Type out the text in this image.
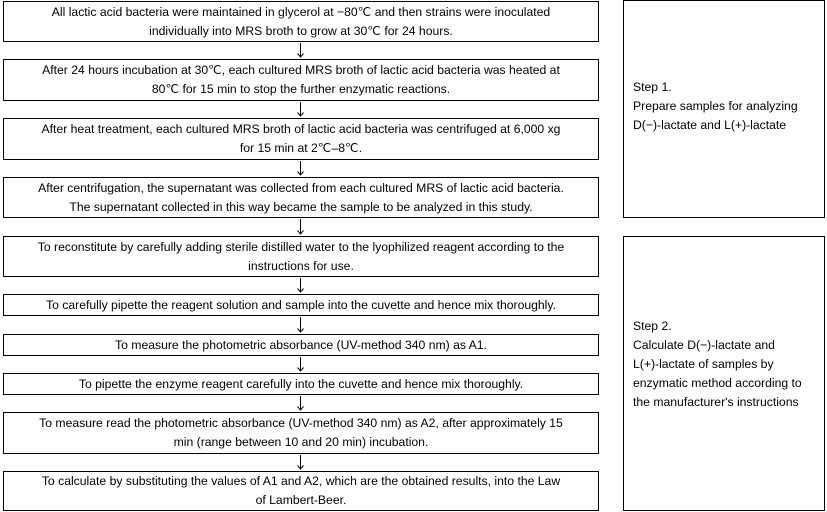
All lactic acid bacteria were maintained in glycerol at −80℃ and then strains were inoculated
individually into MRS broth to grow at 30℃ for 24 hours.
After 24 hours incubation at 30℃, each cultured MRS broth of lactic acid bacteria was heated at
80℃ for 15 min to stop the further enzymatic reactions.
After heat treatment, each cultured MRS broth of lactic acid bacteria was centrifuged at 6,000 xg
for 15 min at 2℃–8℃.
After centrifugation, the supernatant was collected from each cultured MRS of lactic acid bacteria.
The supernatant collected in this way became the sample to be analyzed in this study.
To reconstitute by carefully adding sterile distilled water to the lyophilized reagent according to the
instructions for use.
To carefully pipette the reagent solution and sample into the cuvette and hence mix thoroughly.
To measure the photometric absorbance (UV-method 340 nm) as A1.
To pipette the enzyme reagent carefully into the cuvette and hence mix thoroughly.
To measure read the photometric absorbance (UV-method 340 nm) as A2, after approximately 15
min (range between 10 and 20 min) incubation.
To calculate by substituting the values of A1 and A2, which are the obtained results, into the Law
of Lambert-Beer.
Step 1.
Prepare samples for analyzing
D(−)-lactate and L(+)-lactate
Step 2.
Calculate D(−)-lactate and
L(+)-lactate of samples by
enzymatic method according to
the manufacturer's instructions
